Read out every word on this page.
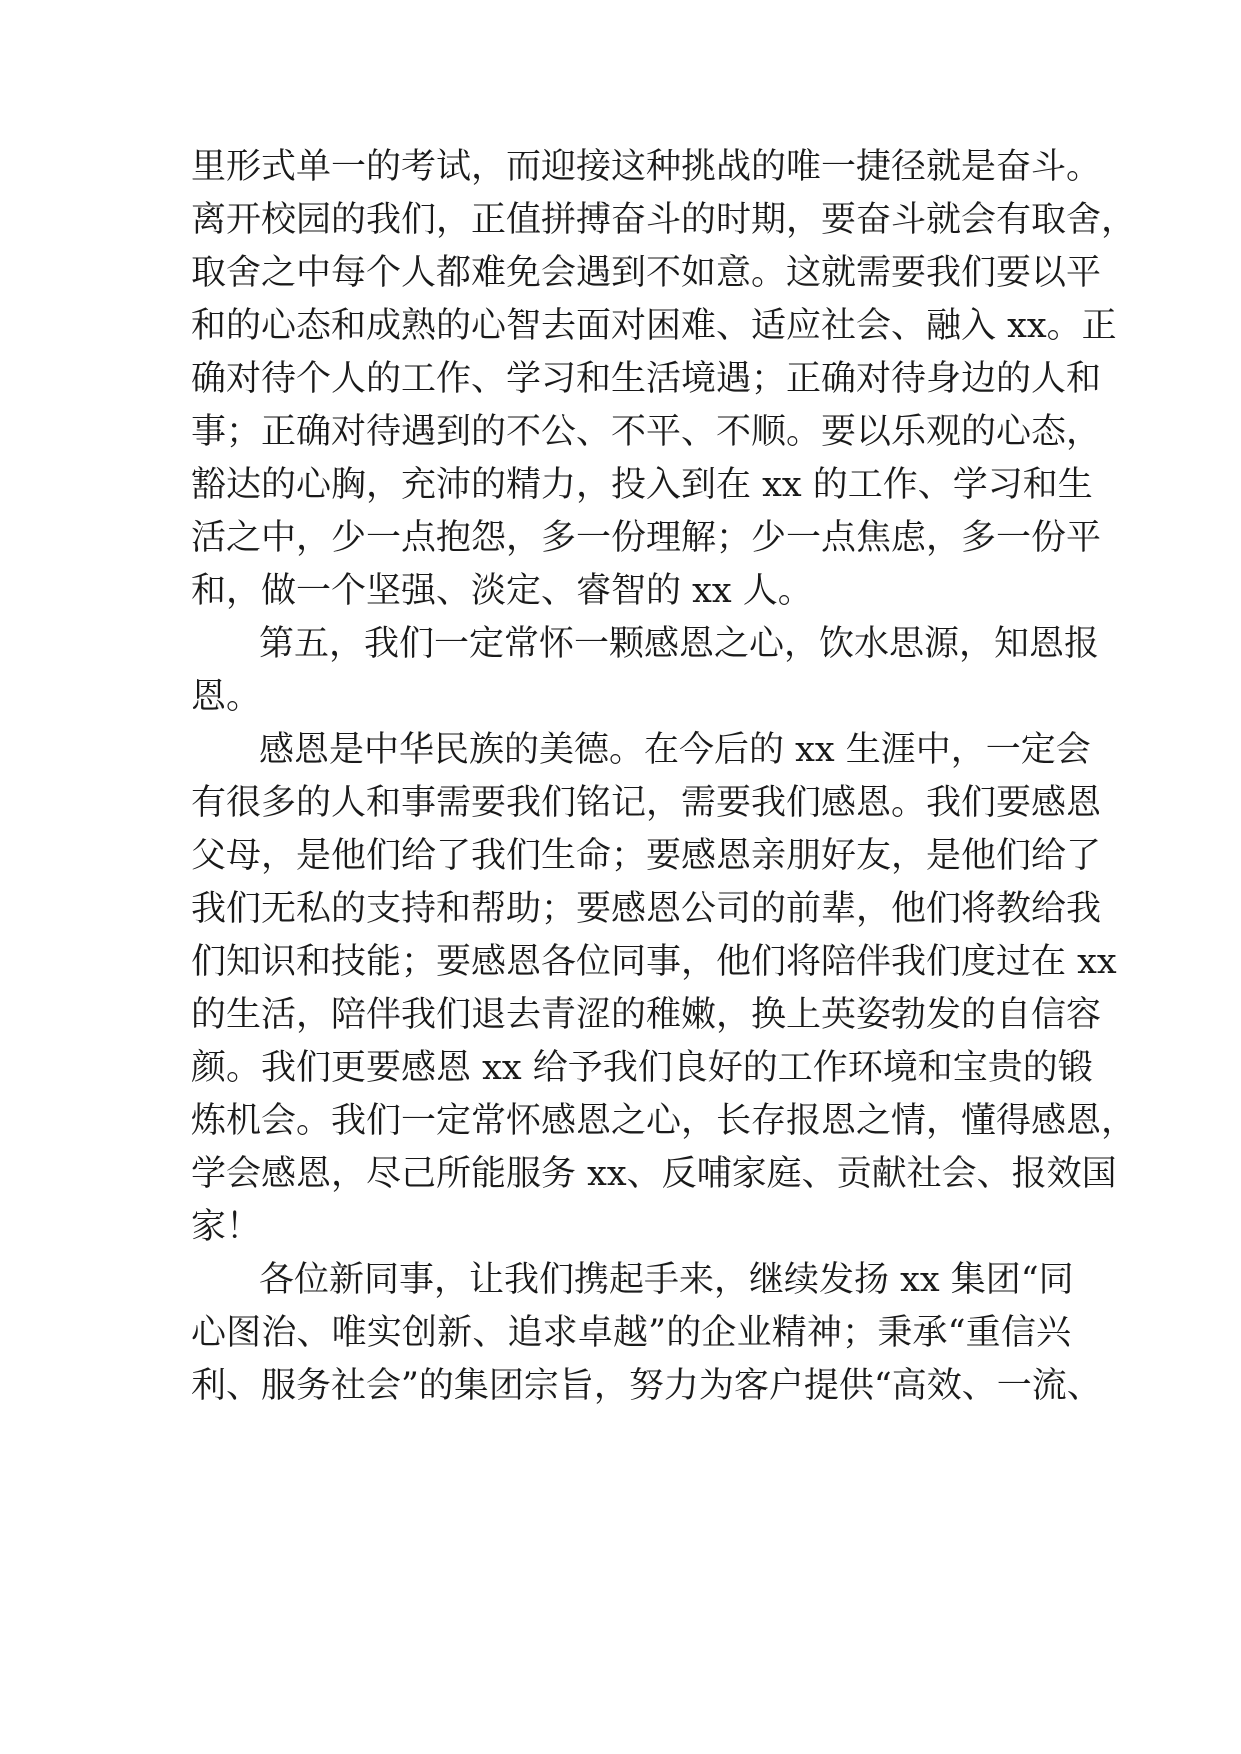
里形式单一的考试，而迎接这种挑战的唯一捷径就是奋斗。
离开校园的我们，正值拼搏奋斗的时期，要奋斗就会有取舍，
取舍之中每个人都难免会遇到不如意。这就需要我们要以平
和的心态和成熟的心智去面对困难、适应社会、融入 xx。正
确对待个人的工作、学习和生活境遇；正确对待身边的人和
事；正确对待遇到的不公、不平、不顺。要以乐观的心态，
豁达的心胸，充沛的精力，投入到在 xx 的工作、学习和生
活之中，少一点抱怨，多一份理解；少一点焦虑，多一份平
和，做一个坚强、淡定、睿智的 xx 人。
第五，我们一定常怀一颗感恩之心，饮水思源，知恩报
恩。
感恩是中华民族的美德。在今后的 xx 生涯中，一定会
有很多的人和事需要我们铭记，需要我们感恩。我们要感恩
父母，是他们给了我们生命；要感恩亲朋好友，是他们给了
我们无私的支持和帮助；要感恩公司的前辈，他们将教给我
们知识和技能；要感恩各位同事，他们将陪伴我们度过在 xx
的生活，陪伴我们退去青涩的稚嫩，换上英姿勃发的自信容
颜。我们更要感恩 xx 给予我们良好的工作环境和宝贵的锻
炼机会。我们一定常怀感恩之心，长存报恩之情，懂得感恩，
学会感恩，尽己所能服务 xx、反哺家庭、贡献社会、报效国
家！
各位新同事，让我们携起手来，继续发扬 xx 集团“同
心图治、唯实创新、追求卓越”的企业精神；秉承“重信兴
利、服务社会”的集团宗旨，努力为客户提供“高效、一流、
